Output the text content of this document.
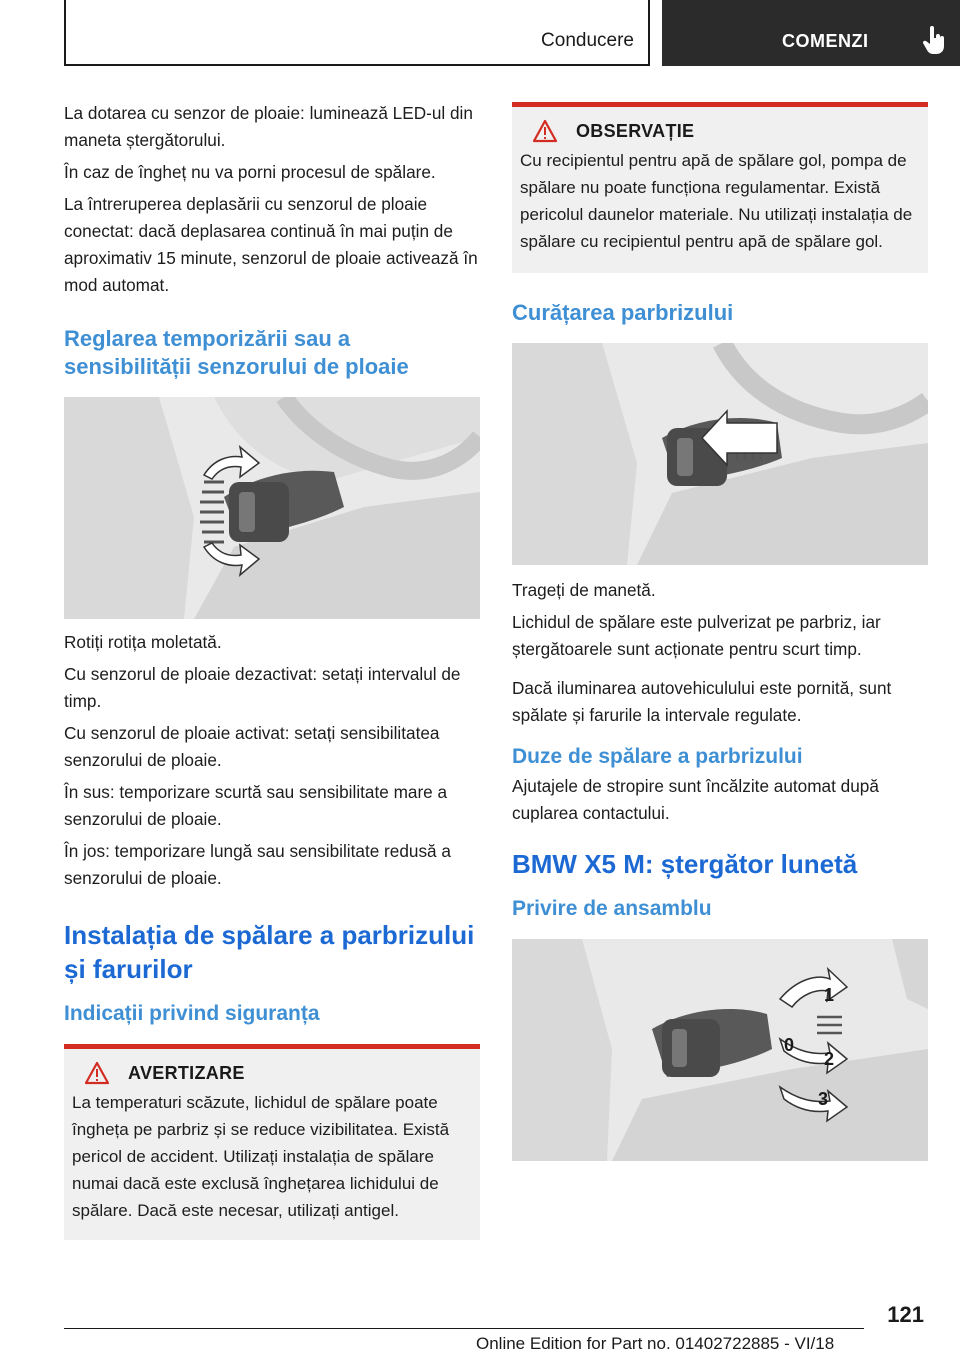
Conducere	COMENZI

La dotarea cu senzor de ploaie: luminează LED-ul din maneta ștergătorului.

În caz de îngheț nu va porni procesul de spălare.

La întreruperea deplasării cu senzorul de ploaie conectat: dacă deplasarea continuă în mai puțin de aproximativ 15 minute, senzorul de ploaie activează în mod automat.

Reglarea temporizării sau a sensibilității senzorului de ploaie

Rotiți rotița moletată.

Cu senzorul de ploaie dezactivat: setați intervalul de timp.

Cu senzorul de ploaie activat: setați sensibilitatea senzorului de ploaie.

În sus: temporizare scurtă sau sensibilitate mare a senzorului de ploaie.

În jos: temporizare lungă sau sensibilitate redusă a senzorului de ploaie.

Instalația de spălare a parbrizului și farurilor
Indicații privind siguranța
AVERTIZARE

La temperaturi scăzute, lichidul de spălare poate îngheța pe parbriz și se reduce vizibilitatea. Există pericol de accident. Utilizați instalația de spălare numai dacă este exclusă înghețarea lichidului de spălare. Dacă este necesar, utilizați antigel.

OBSERVAȚIE

Cu recipientul pentru apă de spălare gol, pompa de spălare nu poate funcționa regulamentar. Există pericolul daunelor materiale. Nu utilizați instalația de spălare cu recipientul pentru apă de spălare gol.

Curățarea parbrizului

Trageți de manetă.

Lichidul de spălare este pulverizat pe parbriz, iar ștergătoarele sunt acționate pentru scurt timp.

Dacă iluminarea autovehiculului este pornită, sunt spălate și farurile la intervale regulate.

Duze de spălare a parbrizului

Ajutajele de stropire sunt încălzite automat după cuplarea contactului.

BMW X5 M: ștergător lunetă
Privire de ansamblu
1
0
2
3
121
Online Edition for Part no. 01402722885 - VI/18
